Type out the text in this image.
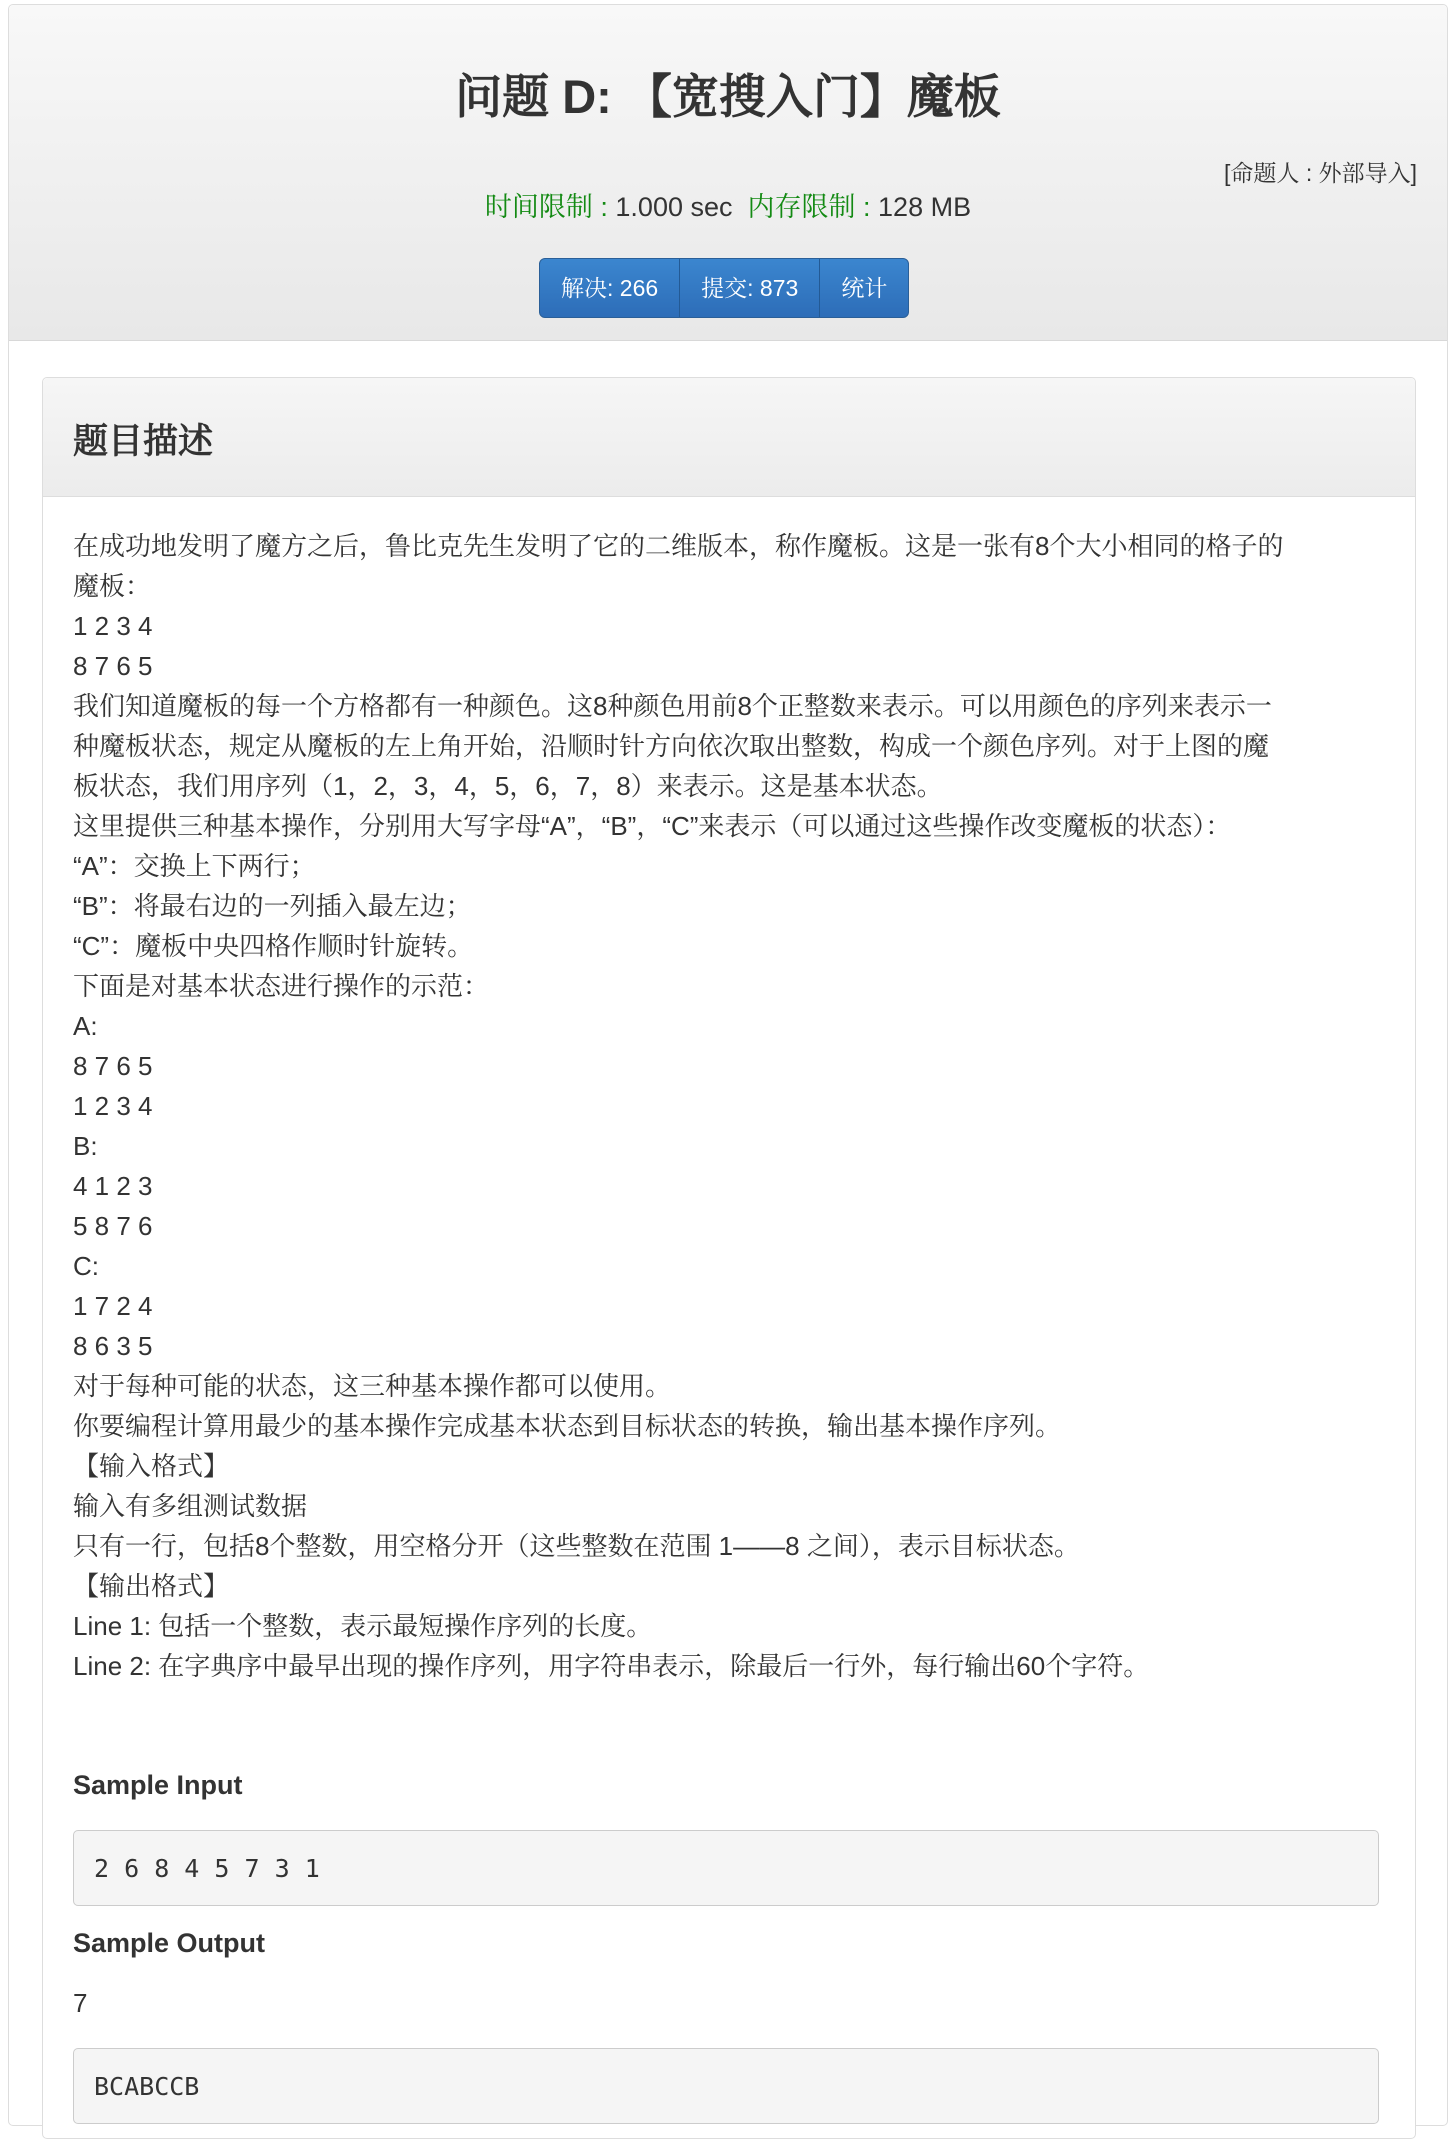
问题 D: 【宽搜入门】魔板
[命题人 : 外部导入]
时间限制 : 1.000 sec 内存限制 : 128 MB
解决: 266	提交: 873	统计
题目描述
在成功地发明了魔方之后，鲁比克先生发明了它的二维版本，称作魔板。这是一张有8个大小相同的格子的
魔板：
1 2 3 4
8 7 6 5
我们知道魔板的每一个方格都有一种颜色。这8种颜色用前8个正整数来表示。可以用颜色的序列来表示一
种魔板状态，规定从魔板的左上角开始，沿顺时针方向依次取出整数，构成一个颜色序列。对于上图的魔
板状态，我们用序列（1，2，3，4，5，6，7，8）来表示。这是基本状态。
这里提供三种基本操作，分别用大写字母“A”，“B”，“C”来表示（可以通过这些操作改变魔板的状态）：
“A”：交换上下两行；
“B”：将最右边的一列插入最左边；
“C”：魔板中央四格作顺时针旋转。
下面是对基本状态进行操作的示范：
A:
8 7 6 5
1 2 3 4
B:
4 1 2 3
5 8 7 6
C:
1 7 2 4
8 6 3 5
对于每种可能的状态，这三种基本操作都可以使用。
你要编程计算用最少的基本操作完成基本状态到目标状态的转换，输出基本操作序列。
【输入格式】
输入有多组测试数据
只有一行，包括8个整数，用空格分开（这些整数在范围 1——8 之间），表示目标状态。
【输出格式】
Line 1: 包括一个整数，表示最短操作序列的长度。
Line 2: 在字典序中最早出现的操作序列，用字符串表示，除最后一行外，每行输出60个字符。
Sample Input
2 6 8 4 5 7 3 1
Sample Output
7
BCABCCB
